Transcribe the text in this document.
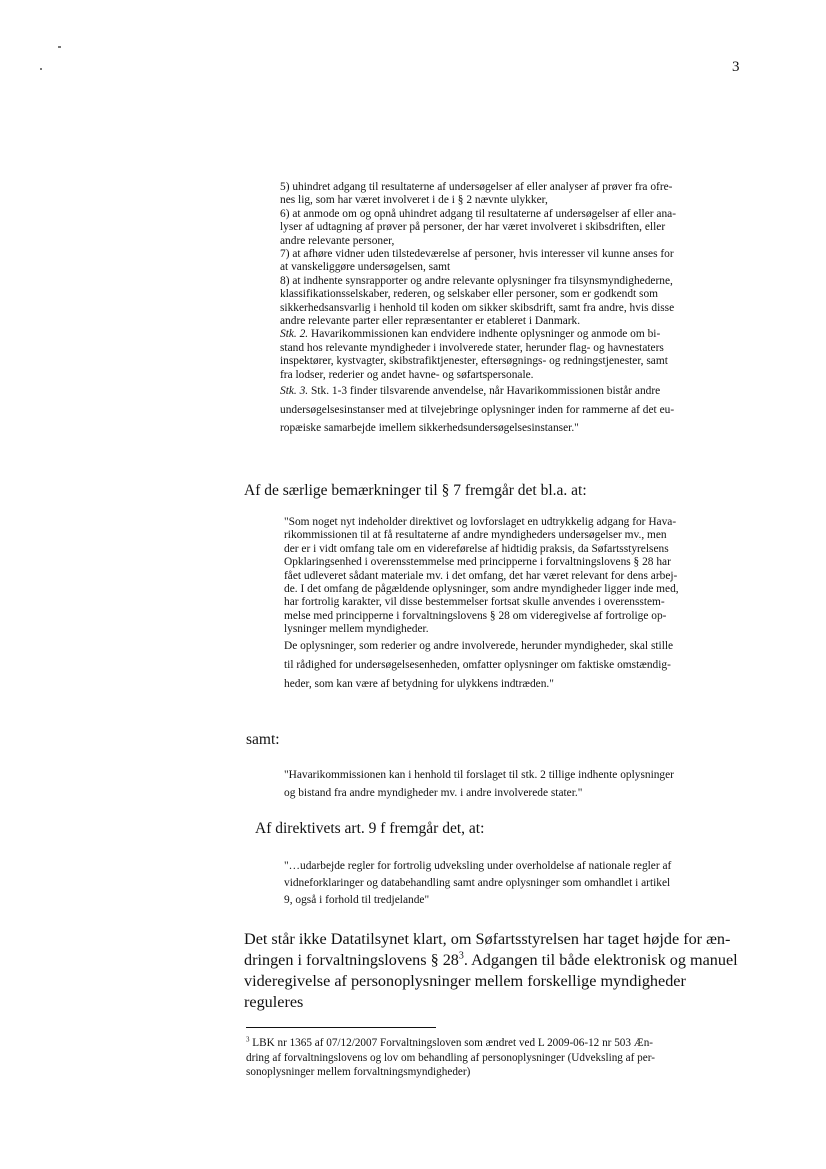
3

5) uhindret adgang til resultaterne af undersøgelser af eller analyser af prøver fra ofre-

nes lig, som har været involveret i de i § 2 nævnte ulykker,

6) at anmode om og opnå uhindret adgang til resultaterne af undersøgelser af eller ana-

lyser af udtagning af prøver på personer, der har været involveret i skibsdriften, eller

andre relevante personer,

7) at afhøre vidner uden tilstedeværelse af personer, hvis interesser vil kunne anses for

at vanskeliggøre undersøgelsen, samt

8) at indhente synsrapporter og andre relevante oplysninger fra tilsynsmyndighederne,

klassifikationsselskaber, rederen, og selskaber eller personer, som er godkendt som

sikkerhedsansvarlig i henhold til koden om sikker skibsdrift, samt fra andre, hvis disse

andre relevante parter eller repræsentanter er etableret i Danmark.

Stk. 2. Havarikommissionen kan endvidere indhente oplysninger og anmode om bi-

stand hos relevante myndigheder i involverede stater, herunder flag- og havnestaters

inspektører, kystvagter, skibstrafiktjenester, eftersøgnings- og redningstjenester, samt

fra lodser, rederier og andet havne- og søfartspersonale.

Stk. 3. Stk. 1-3 finder tilsvarende anvendelse, når Havarikommissionen bistår andre

undersøgelsesinstanser med at tilvejebringe oplysninger inden for rammerne af det eu-

ropæiske samarbejde imellem sikkerhedsundersøgelsesinstanser."

Af de særlige bemærkninger til § 7 fremgår det bl.a. at:

"Som noget nyt indeholder direktivet og lovforslaget en udtrykkelig adgang for Hava-

rikommissionen til at få resultaterne af andre myndigheders undersøgelser mv., men

der er i vidt omfang tale om en videreførelse af hidtidig praksis, da Søfartsstyrelsens

Opklaringsenhed i overensstemmelse med principperne i forvaltningslovens § 28 har

fået udleveret sådant materiale mv. i det omfang, det har været relevant for dens arbej-

de. I det omfang de pågældende oplysninger, som andre myndigheder ligger inde med,

har fortrolig karakter, vil disse bestemmelser fortsat skulle anvendes i overensstem-

melse med principperne i forvaltningslovens § 28 om videregivelse af fortrolige op-

lysninger mellem myndigheder.

De oplysninger, som rederier og andre involverede, herunder myndigheder, skal stille

til rådighed for undersøgelsesenheden, omfatter oplysninger om faktiske omstændig-

heder, som kan være af betydning for ulykkens indtræden."

samt:

"Havarikommissionen kan i henhold til forslaget til stk. 2 tillige indhente oplysninger

og bistand fra andre myndigheder mv. i andre involverede stater."

Af direktivets art. 9 f fremgår det, at:

"…udarbejde regler for fortrolig udveksling under overholdelse af nationale regler af

vidneforklaringer og databehandling samt andre oplysninger som omhandlet i artikel

9, også i forhold til tredjelande"

Det står ikke Datatilsynet klart, om Søfartsstyrelsen har taget højde for æn-

dringen i forvaltningslovens § $28^3$. Adgangen til både elektronisk og manuel

videregivelse af personoplysninger mellem forskellige myndigheder reguleres

$^3$ LBK nr 1365 af 07/12/2007 Forvaltningsloven som ændret ved L 2009-06-12 nr 503 Æn-

dring af forvaltningslovens og lov om behandling af personoplysninger (Udveksling af per-

sonoplysninger mellem forvaltningsmyndigheder)
